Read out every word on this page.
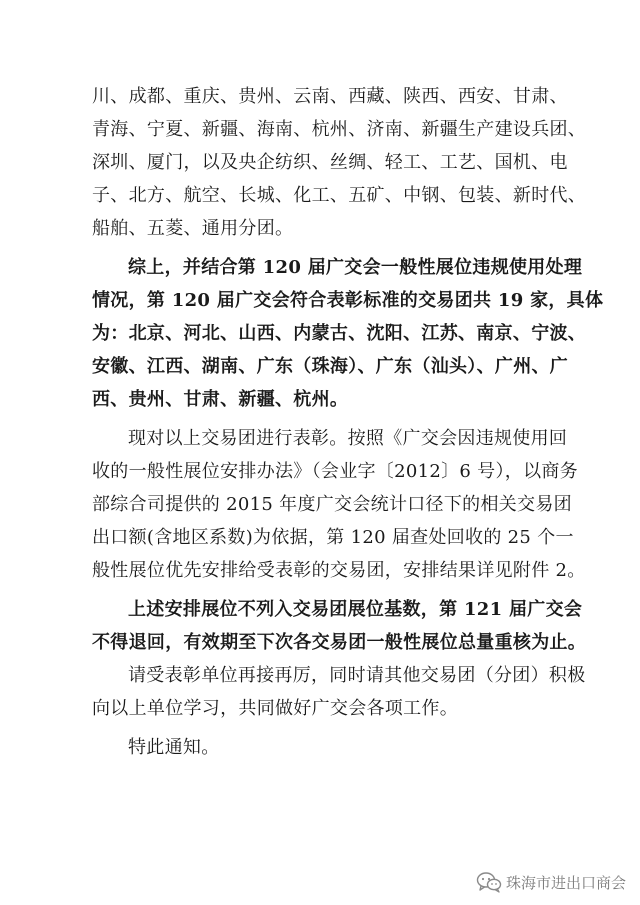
川、成都、重庆、贵州、云南、西藏、陕西、西安、甘肃、
青海、宁夏、新疆、海南、杭州、济南、新疆生产建设兵团、
深圳、厦门，以及央企纺织、丝绸、轻工、工艺、国机、电
子、北方、航空、长城、化工、五矿、中钢、包装、新时代、
船舶、五菱、通用分团。

综上，并结合第 120 届广交会一般性展位违规使用处理
情况，第 120 届广交会符合表彰标准的交易团共 19 家，具体
为：北京、河北、山西、内蒙古、沈阳、江苏、南京、宁波、
安徽、江西、湖南、广东（珠海）、广东（汕头）、广州、广
西、贵州、甘肃、新疆、杭州。

现对以上交易团进行表彰。按照《广交会因违规使用回
收的一般性展位安排办法》（会业字〔2012〕6 号），以商务
部综合司提供的 2015 年度广交会统计口径下的相关交易团
出口额(含地区系数)为依据，第 120 届查处回收的 25 个一
般性展位优先安排给受表彰的交易团，安排结果详见附件 2。

上述安排展位不列入交易团展位基数，第 121 届广交会
不得退回，有效期至下次各交易团一般性展位总量重核为止。

请受表彰单位再接再厉，同时请其他交易团（分团）积极
向以上单位学习，共同做好广交会各项工作。

特此通知。

珠海市进出口商会
